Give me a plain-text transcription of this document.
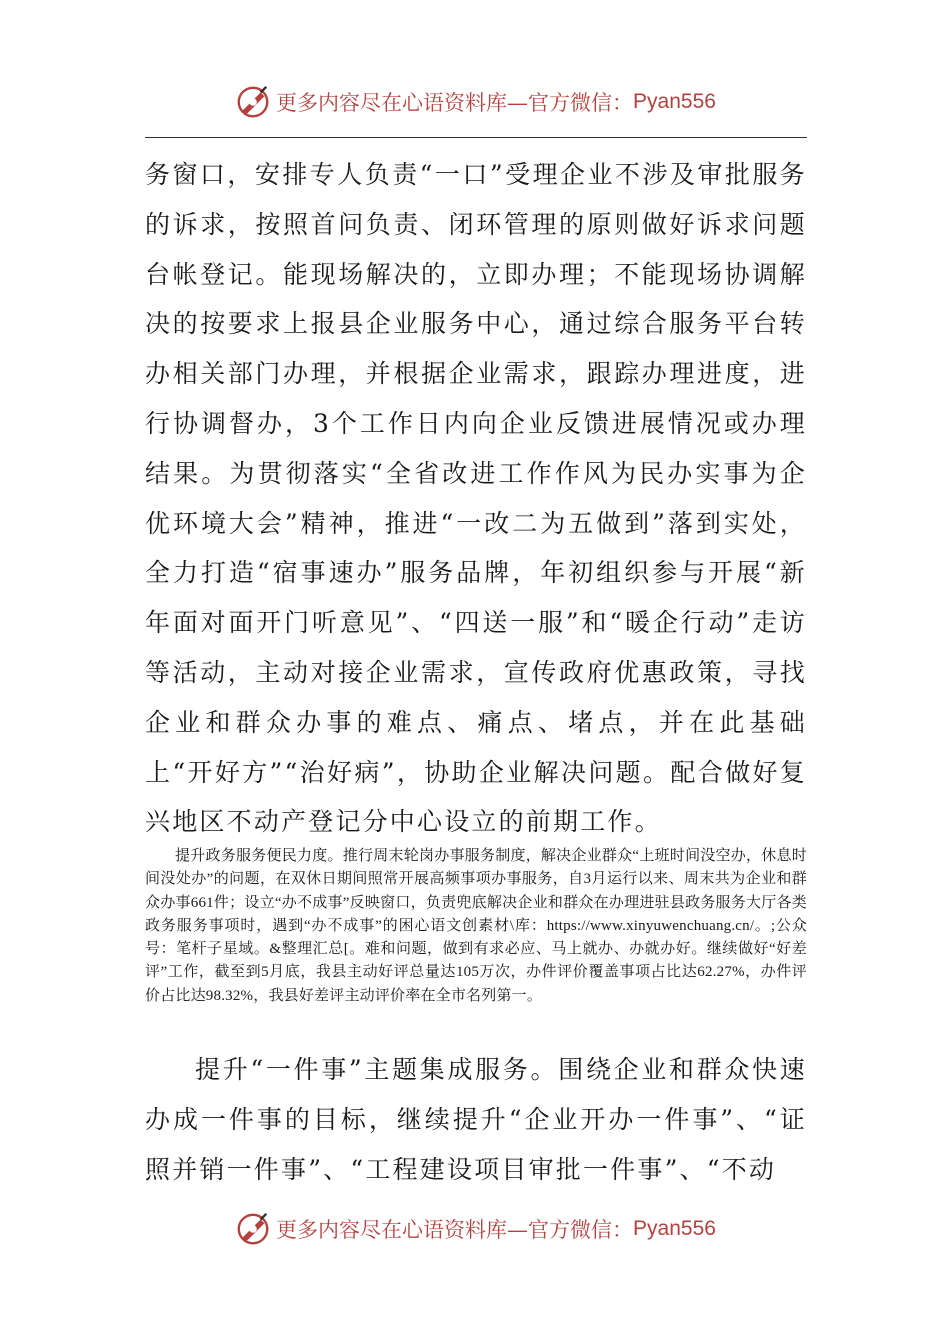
更多内容尽在心语资料库—官方微信： Pyan556

务窗口，安排专人负责“一口”受理企业不涉及审批服务的诉求，按照首问负责、闭环管理的原则做好诉求问题台帐登记。能现场解决的，立即办理；不能现场协调解决的按要求上报县企业服务中心，通过综合服务平台转办相关部门办理，并根据企业需求，跟踪办理进度，进行协调督办，3个工作日内向企业反馈进展情况或办理结果。为贯彻落实“全省改进工作作风为民办实事为企优环境大会”精神，推进“一改二为五做到”落到实处，全力打造“宿事速办”服务品牌，年初组织参与开展“新年面对面开门听意见”、“四送一服”和“暖企行动”走访等活动，主动对接企业需求，宣传政府优惠政策，寻找企业和群众办事的难点、痛点、堵点，并在此基础上“开好方”“治好病”，协助企业解决问题。配合做好复兴地区不动产登记分中心设立的前期工作。

提升政务服务便民力度。推行周末轮岗办事服务制度，解决企业群众“上班时间没空办，休息时间没处办”的问题，在双休日期间照常开展高频事项办事服务，自3月运行以来、周末共为企业和群众办事661件；设立“办不成事”反映窗口，负责兜底解决企业和群众在办理进驻县政务服务大厅各类政务服务事项时，遇到“办不成事”的困心语文创素材\库：https://www.xinyuwenchuang.cn/。;公众号：笔杆子星域。&整理汇总[。难和问题，做到有求必应、马上就办、办就办好。继续做好“好差评”工作，截至到5月底，我县主动好评总量达105万次，办件评价覆盖事项占比达62.27%，办件评价占比达98.32%，我县好差评主动评价率在全市名列第一。

提升“一件事”主题集成服务。围绕企业和群众快速办成一件事的目标，继续提升“企业开办一件事”、“证照并销一件事”、“工程建设项目审批一件事”、“不动

更多内容尽在心语资料库—官方微信： Pyan556
